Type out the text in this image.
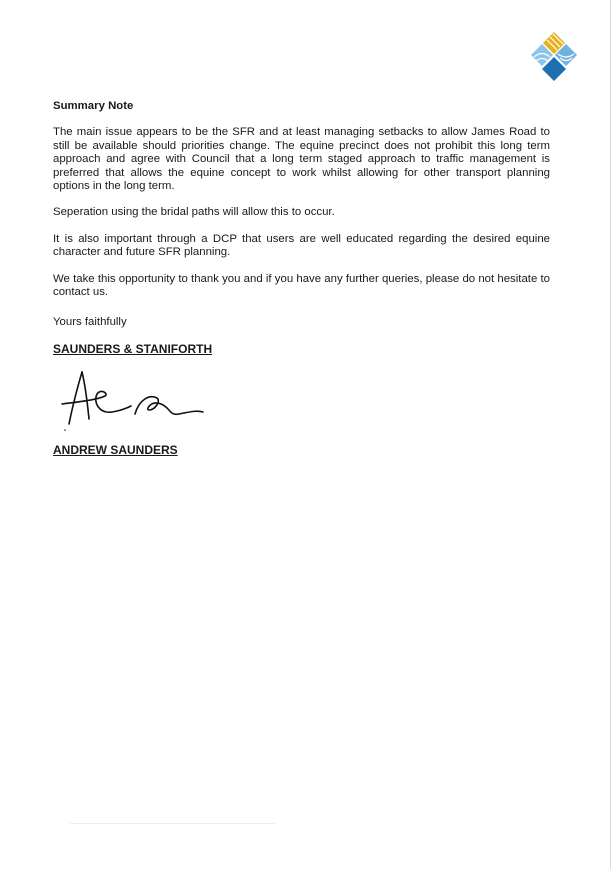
Summary Note

The main issue appears to be the SFR and at least managing setbacks to allow James Road to still be available should priorities change. The equine precinct does not prohibit this long term approach and agree with Council that a long term staged approach to traffic management is preferred that allows the equine concept to work whilst allowing for other transport planning options in the long term.

Seperation using the bridal paths will allow this to occur.

It is also important through a DCP that users are well educated regarding the desired equine character and future SFR planning.

We take this opportunity to thank you and if you have any further queries, please do not hesitate to contact us.

Yours faithfully
SAUNDERS & STANIFORTH
ANDREW SAUNDERS
